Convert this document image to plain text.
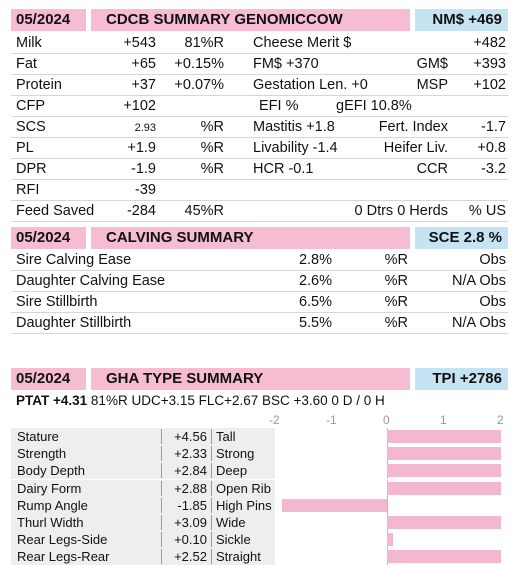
05/2024	CDCB SUMMARY GENOMICCOW	NM$ +469
Milk	+543 81%R Cheese Merit $	+482
Fat	+65 +0.15% FM$ +370	GM$ +393
Protein	+37 +0.07% Gestation Len. +0	MSP +102
CFP	+102	EFI %	gEFI 10.8%
SCS	2.93	%R Mastitis +1.8	Fert. Index -1.7
PL	+1.9	%R Livability -1.4	Heifer Liv. +0.8
DPR	-1.9	%R HCR -0.1	CCR -3.2
RFI	-39
Feed Saved -284 45%R	0 Dtrs 0 Herds % US
05/2024	CALVING SUMMARY	SCE 2.8 %
Sire Calving Ease	2.8%	%R	Obs
Daughter Calving Ease	2.6%	%R	N/A Obs
Sire Stillbirth	6.5%	%R	Obs
Daughter Stillbirth	5.5%	%R	N/A Obs
05/2024	GHA TYPE SUMMARY	TPI +2786
PTAT +4.31 81%R UDC+3.15 FLC+2.67 BSC +3.60 0 D / 0 H
-2	-1	0	1	2
Stature	+4.56 Tall
Strength	+2.33 Strong
Body Depth	+2.84 Deep
Dairy Form	+2.88 Open Rib
Rump Angle	-1.85 High Pins
Thurl Width	+3.09 Wide
Rear Legs-Side	+0.10 Sickle
Rear Legs-Rear	+2.52 Straight
